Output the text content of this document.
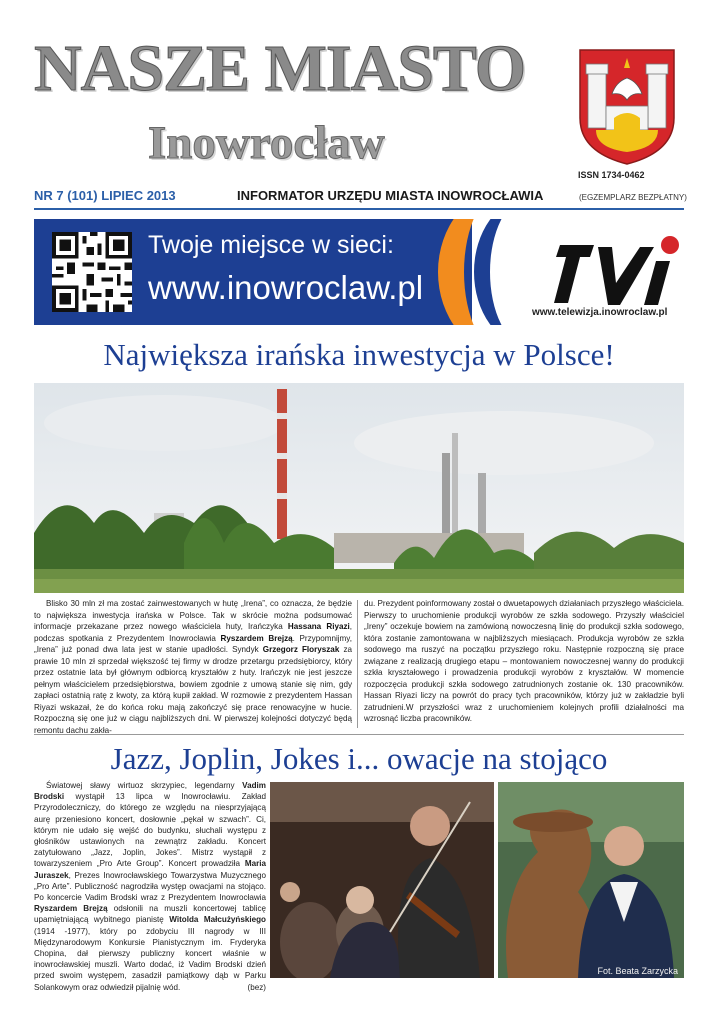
NASZE MIASTO
Inowrocław
ISSN 1734-0462
NR 7 (101) LIPIEC 2013	INFORMATOR URZĘDU MIASTA INOWROCŁAWIA	(EGZEMPLARZ BEZPŁATNY)
Twoje miejsce w sieci:
www.inowroclaw.pl
www.telewizja.inowroclaw.pl
Największa irańska inwestycja w Polsce!

Blisko 30 mln zł ma zostać zainwestowanych w hutę „Irena”, co oznacza, że będzie to największa inwestycja irańska w Polsce. Tak w skrócie można podsumować informacje przekazane przez nowego właściciela huty, Irańczyka Hassana Riyazi, podczas spotkania z Prezydentem Inowrocławia Ryszardem Brejzą. Przypomnijmy, „Irena” już ponad dwa lata jest w stanie upadłości. Syndyk Grzegorz Floryszak za prawie 10 mln zł sprzedał większość tej firmy w drodze przetargu przedsiębiorcy, który przez ostatnie lata był głównym odbiorcą kryształów z huty. Irańczyk nie jest jeszcze pełnym właścicielem przedsiębiorstwa, bowiem zgodnie z umową stanie się nim, gdy zapłaci ostatnią ratę z kwoty, za którą kupił zakład. W rozmowie z prezydentem Hassan Riyazi wskazał, że do końca roku mają zakończyć się prace renowacyjne w hucie. Rozpoczną się one już w ciągu najbliższych dni. W pierwszej kolejności dotyczyć będą remontu dachu zakła-

du. Prezydent poinformowany został o dwuetapowych działaniach przyszłego właściciela. Pierwszy to uruchomienie produkcji wyrobów ze szkła sodowego. Przyszły właściciel „Ireny” oczekuje bowiem na zamówioną nowoczesną linię do produkcji szkła sodowego, która zostanie zamontowana w najbliższych miesiącach. Produkcja wyrobów ze szkła sodowego ma ruszyć na początku przyszłego roku. Następnie rozpoczną się prace związane z realizacją drugiego etapu – montowaniem nowoczesnej wanny do produkcji szkła kryształowego i prowadzenia produkcji wyrobów z kryształów. W momencie rozpoczęcia produkcji szkła sodowego zatrudnionych zostanie ok. 130 pracowników. Hassan Riyazi liczy na powrót do pracy tych pracowników, którzy już w zakładzie byli zatrudnieni.W przyszłości wraz z uruchomieniem kolejnych profili działalności ma wzrosnąć liczba pracowników.

Jazz, Joplin, Jokes i... owacje na stojąco

Światowej sławy wirtuoz skrzypiec, legendarny Vadim Brodski wystąpił 13 lipca w Inowrocławiu. Zakład Przyrodoleczniczy, do którego ze względu na niesprzyjającą aurę przeniesiono koncert, dosłownie „pękał w szwach”. Ci, którym nie udało się wejść do budynku, słuchali występu z głośników ustawionych na zewnątrz zakładu. Koncert zatytułowano „Jazz, Joplin, Jokes”. Mistrz wystąpił z towarzyszeniem „Pro Arte Group”. Koncert prowadziła Maria Juraszek, Prezes Inowrocławskiego Towarzystwa Muzycznego „Pro Arte”. Publiczność nagrodziła występ owacjami na stojąco. Po koncercie Vadim Brodski wraz z Prezydentem Inowrocławia Ryszardem Brejzą odsłonili na muszli koncertowej tablicę upamiętniającą wybitnego pianistę Witolda Małcużyńskiego (1914 -1977), który po zdobyciu III nagrody w III Międzynarodowym Konkursie Pianistycznym im. Fryderyka Chopina, dał pierwszy publiczny koncert właśnie w inowrocławskiej muszli. Warto dodać, iż Vadim Brodski dzień przed swoim występem, zasadził pamiątkowy dąb w Parku Solankowym oraz odwiedził pijalnię wód.	(bez)

Fot. Beata Zarzycka
